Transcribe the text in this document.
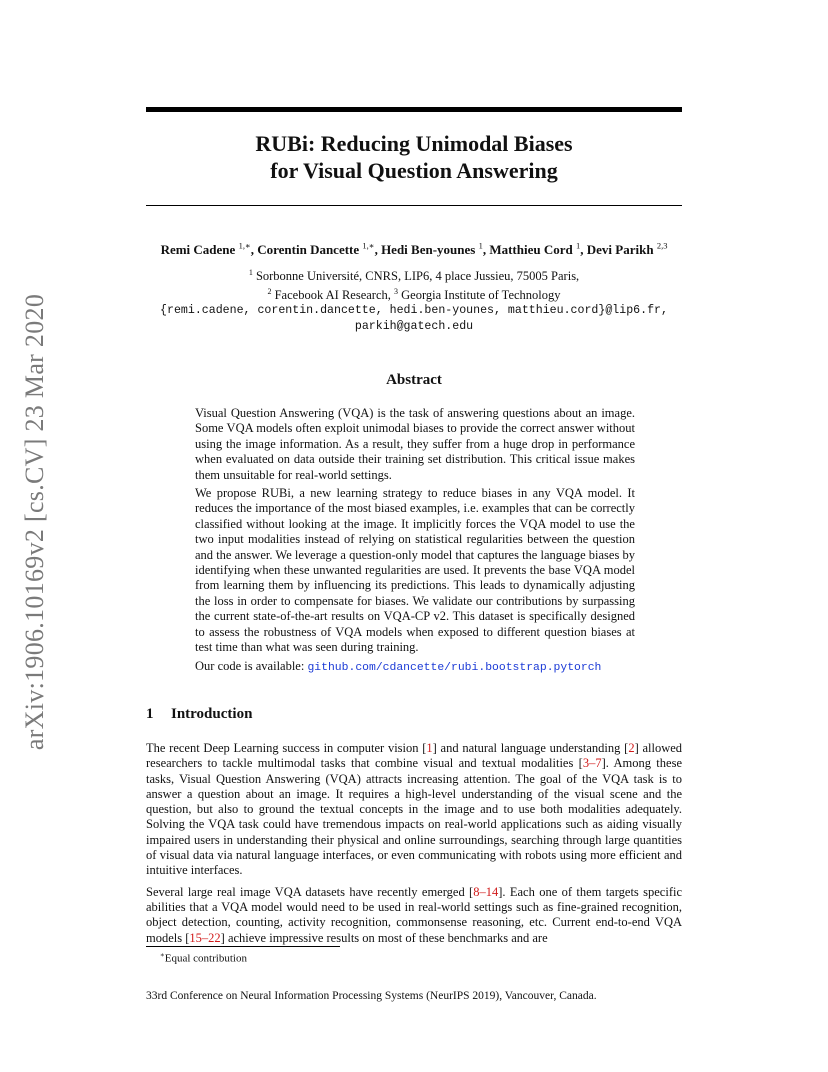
arXiv:1906.10169v2 [cs.CV] 23 Mar 2020
RUBi: Reducing Unimodal Biases
for Visual Question Answering
Remi Cadene $^{1,∗}$, Corentin Dancette $^{1,∗}$, Hedi Ben-younes $^1$, Matthieu Cord $^1$, Devi Parikh $^{2,3}$
$^1$ Sorbonne Université, CNRS, LIP6, 4 place Jussieu, 75005 Paris,
$^2$ Facebook AI Research, $^3$ Georgia Institute of Technology
{remi.cadene, corentin.dancette, hedi.ben-younes, matthieu.cord}@lip6.fr,
parkih@gatech.edu
Abstract

Visual Question Answering (VQA) is the task of answering questions about an image. Some VQA models often exploit unimodal biases to provide the correct answer without using the image information. As a result, they suffer from a huge drop in performance when evaluated on data outside their training set distribution. This critical issue makes them unsuitable for real-world settings.

We propose RUBi, a new learning strategy to reduce biases in any VQA model. It reduces the importance of the most biased examples, i.e. examples that can be correctly classified without looking at the image. It implicitly forces the VQA model to use the two input modalities instead of relying on statistical regularities between the question and the answer. We leverage a question-only model that captures the language biases by identifying when these unwanted regularities are used. It prevents the base VQA model from learning them by influencing its predictions. This leads to dynamically adjusting the loss in order to compensate for biases. We validate our contributions by surpassing the current state-of-the-art results on VQA-CP v2. This dataset is specifically designed to assess the robustness of VQA models when exposed to different question biases at test time than what was seen during training.

Our code is available: github.com/cdancette/rubi.bootstrap.pytorch

1 Introduction

The recent Deep Learning success in computer vision [1] and natural language understanding [2] allowed researchers to tackle multimodal tasks that combine visual and textual modalities [3–7]. Among these tasks, Visual Question Answering (VQA) attracts increasing attention. The goal of the VQA task is to answer a question about an image. It requires a high-level understanding of the visual scene and the question, but also to ground the textual concepts in the image and to use both modalities adequately. Solving the VQA task could have tremendous impacts on real-world applications such as aiding visually impaired users in understanding their physical and online surroundings, searching through large quantities of visual data via natural language interfaces, or even communicating with robots using more efficient and intuitive interfaces.

Several large real image VQA datasets have recently emerged [8–14]. Each one of them targets specific abilities that a VQA model would need to be used in real-world settings such as fine-grained recognition, object detection, counting, activity recognition, commonsense reasoning, etc. Current end-to-end VQA models [15–22] achieve impressive results on most of these benchmarks and are

∗Equal contribution
33rd Conference on Neural Information Processing Systems (NeurIPS 2019), Vancouver, Canada.
